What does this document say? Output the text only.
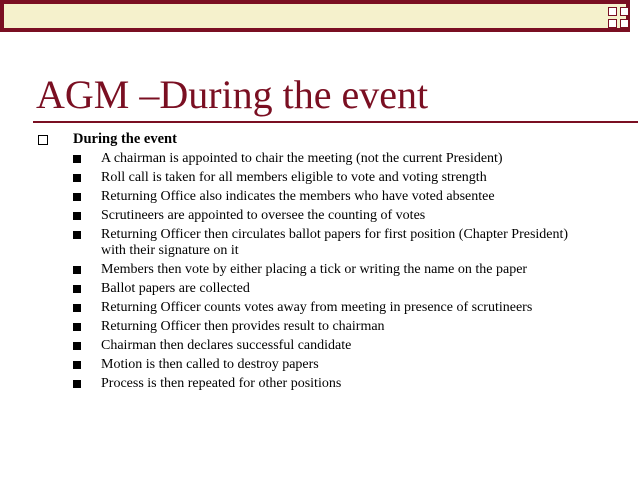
AGM –During the event
During the event
A chairman is appointed to chair the meeting (not the current President)
Roll call is taken for all members eligible to vote and voting strength
Returning Office also indicates the members who have voted absentee
Scrutineers are appointed to oversee the counting of votes
Returning Officer then circulates ballot papers for first position (Chapter President) with their signature on it
Members then vote by either placing a tick or writing the name on the paper
Ballot papers are collected
Returning Officer counts votes away from meeting in presence of scrutineers
Returning Officer then provides result to chairman
Chairman then declares successful candidate
Motion is then called to destroy papers
Process is then repeated for other positions
